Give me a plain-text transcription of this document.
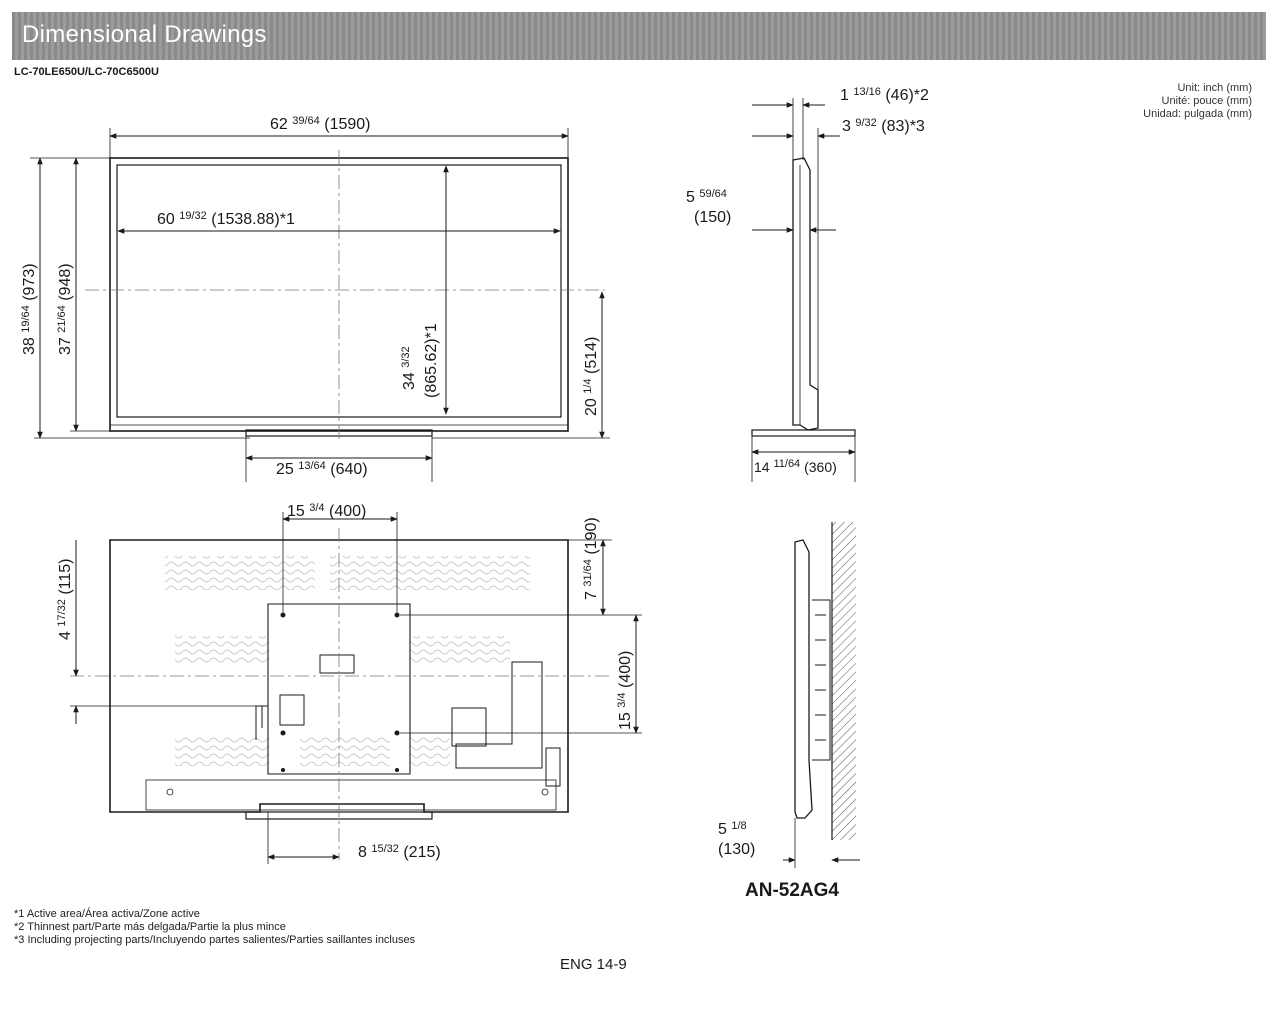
Dimensional Drawings
LC-70LE650U/LC-70C6500U
Unit: inch (mm)
Unité: pouce (mm)
Unidad: pulgada (mm)
62 $^{39/64}$ (1590)
60 $^{19/32}$ (1538.88)*1
38 $^{19/64}$ (973)
37 $^{21/64}$ (948)
34 $^{3/32}$ (865.62)*1
20 $^{1/4}$ (514)
25 $^{13/64}$ (640)
15 $^{3/4}$ (400)
7 $^{31/64}$ (190)
15 $^{3/4}$ (400)
4 $^{17/32}$ (115)
8 $^{15/32}$ (215)
1 $^{13/16}$ (46)*2
3 $^{9/32}$ (83)*3
5 $^{59/64}$
(150)
14 $^{11/64}$ (360)
5 $^{1/8}$
(130)
AN-52AG4
*1 Active area/Área activa/Zone active
*2 Thinnest part/Parte más delgada/Partie la plus mince
*3 Including projecting parts/Incluyendo partes salientes/Parties saillantes incluses
ENG 14-9
